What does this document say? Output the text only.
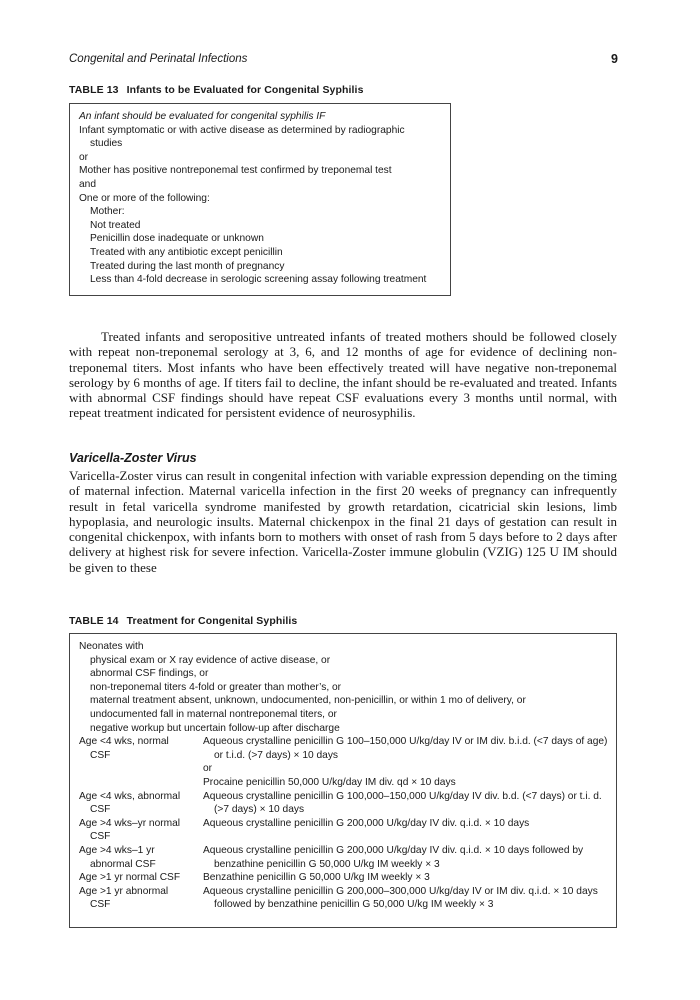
Congenital and Perinatal Infections	9
TABLE 13 Infants to be Evaluated for Congenital Syphilis
An infant should be evaluated for congenital syphilis IF
Infant symptomatic or with active disease as determined by radiographic
studies
or
Mother has positive nontreponemal test confirmed by treponemal test
and
One or more of the following:
Mother:
Not treated
Penicillin dose inadequate or unknown
Treated with any antibiotic except penicillin
Treated during the last month of pregnancy
Less than 4-fold decrease in serologic screening assay following treatment
Treated infants and seropositive untreated infants of treated mothers should be followed closely with repeat non-treponemal serology at 3, 6, and 12 months of age for evidence of declining non-treponemal titers. Most infants who have been effectively treated will have negative non-treponemal serology by 6 months of age. If titers fail to decline, the infant should be re-evaluated and treated. Infants with abnormal CSF findings should have repeat CSF evaluations every 3 months until normal, with repeat treatment indicated for persistent evidence of neurosyphilis.
Varicella-Zoster Virus
Varicella-Zoster virus can result in congenital infection with variable expression depending on the timing of maternal infection. Maternal varicella infection in the first 20 weeks of pregnancy can infrequently result in fetal varicella syndrome manifested by growth retardation, cicatricial skin lesions, limb hypoplasia, and neurologic insults. Maternal chickenpox in the final 21 days of gestation can result in congenital chickenpox, with infants born to mothers with onset of rash from 5 days before to 2 days after delivery at highest risk for severe infection. Varicella-Zoster immune globulin (VZIG) 125 U IM should be given to these
TABLE 14 Treatment for Congenital Syphilis
Neonates with
physical exam or X ray evidence of active disease, or
abnormal CSF findings, or
non-treponemal titers 4-fold or greater than mother’s, or
maternal treatment absent, unknown, undocumented, non-penicillin, or within 1 mo of delivery, or
undocumented fall in maternal nontreponemal titers, or
negative workup but uncertain follow-up after discharge
Age <4 wks, normal
CSF
Aqueous crystalline penicillin G 100–150,000 U/kg/day IV or IM div. b.i.d. (<7 days of age) or t.i.d. (>7 days) × 10 days
or
Procaine penicillin 50,000 U/kg/day IM div. qd × 10 days
Age <4 wks, abnormal
CSF
Aqueous crystalline penicillin G 100,000–150,000 U/kg/day IV div. b.d. (<7 days) or t.i. d. (>7 days) × 10 days
Age >4 wks–yr normal
CSF
Aqueous crystalline penicillin G 200,000 U/kg/day IV div. q.i.d. × 10 days
Age >4 wks–1 yr
abnormal CSF
Aqueous crystalline penicillin G 200,000 U/kg/day IV div. q.i.d. × 10 days followed by benzathine penicillin G 50,000 U/kg IM weekly × 3
Age >1 yr normal CSF	Benzathine penicillin G 50,000 U/kg IM weekly × 3
Age >1 yr abnormal
CSF
Aqueous crystalline penicillin G 200,000–300,000 U/kg/day IV or IM div. q.i.d. × 10 days followed by benzathine penicillin G 50,000 U/kg IM weekly × 3
